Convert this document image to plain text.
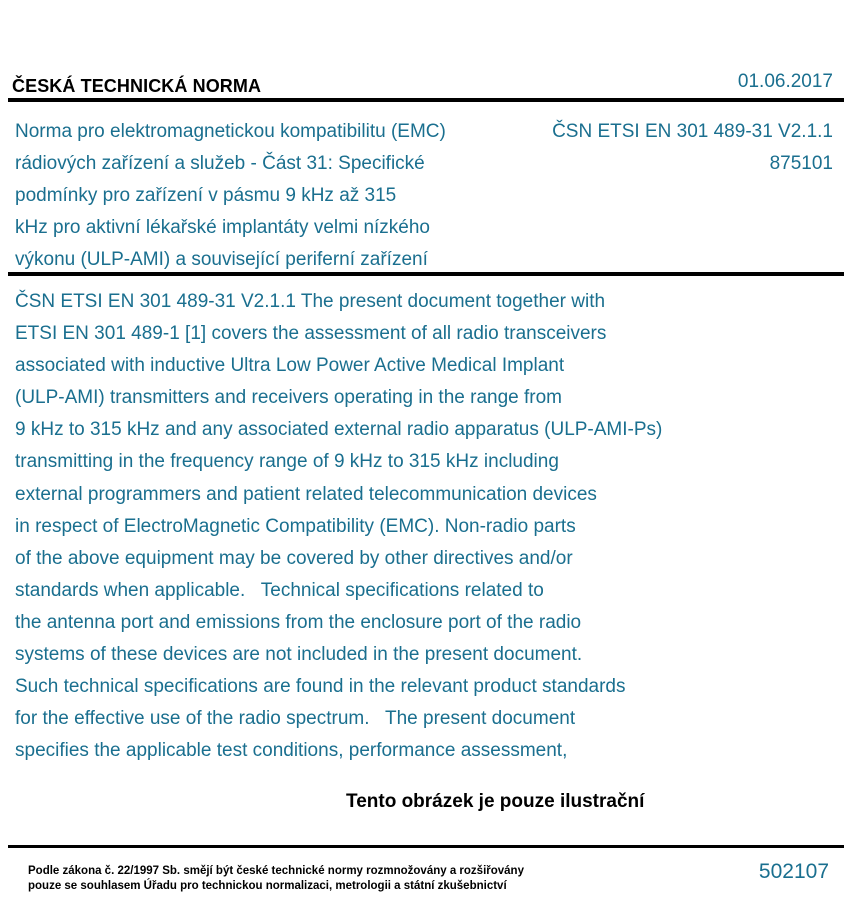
ČESKÁ TECHNICKÁ NORMA	01.06.2017
Norma pro elektromagnetickou kompatibilitu (EMC)
rádiových zařízení a služeb - Část 31: Specifické
podmínky pro zařízení v pásmu 9 kHz až 315
kHz pro aktivní lékařské implantáty velmi nízkého
výkonu (ULP-AMI) a související periferní zařízení
ČSN ETSI EN 301 489-31 V2.1.1
875101
ČSN ETSI EN 301 489-31 V2.1.1 The present document together with
ETSI EN 301 489-1 [1] covers the assessment of all radio transceivers
associated with inductive Ultra Low Power Active Medical Implant
(ULP-AMI) transmitters and receivers operating in the range from
9 kHz to 315 kHz and any associated external radio apparatus (ULP-AMI-Ps)
transmitting in the frequency range of 9 kHz to 315 kHz including
external programmers and patient related telecommunication devices
in respect of ElectroMagnetic Compatibility (EMC). Non-radio parts
of the above equipment may be covered by other directives and/or
standards when applicable.   Technical specifications related to
the antenna port and emissions from the enclosure port of the radio
systems of these devices are not included in the present document.
Such technical specifications are found in the relevant product standards
for the effective use of the radio spectrum.   The present document
specifies the applicable test conditions, performance assessment,
Tento obrázek je pouze ilustrační
Podle zákona č. 22/1997 Sb. smějí být české technické normy rozmnožovány a rozšiřovány
pouze se souhlasem Úřadu pro technickou normalizaci, metrologii a státní zkušebnictví
502107
